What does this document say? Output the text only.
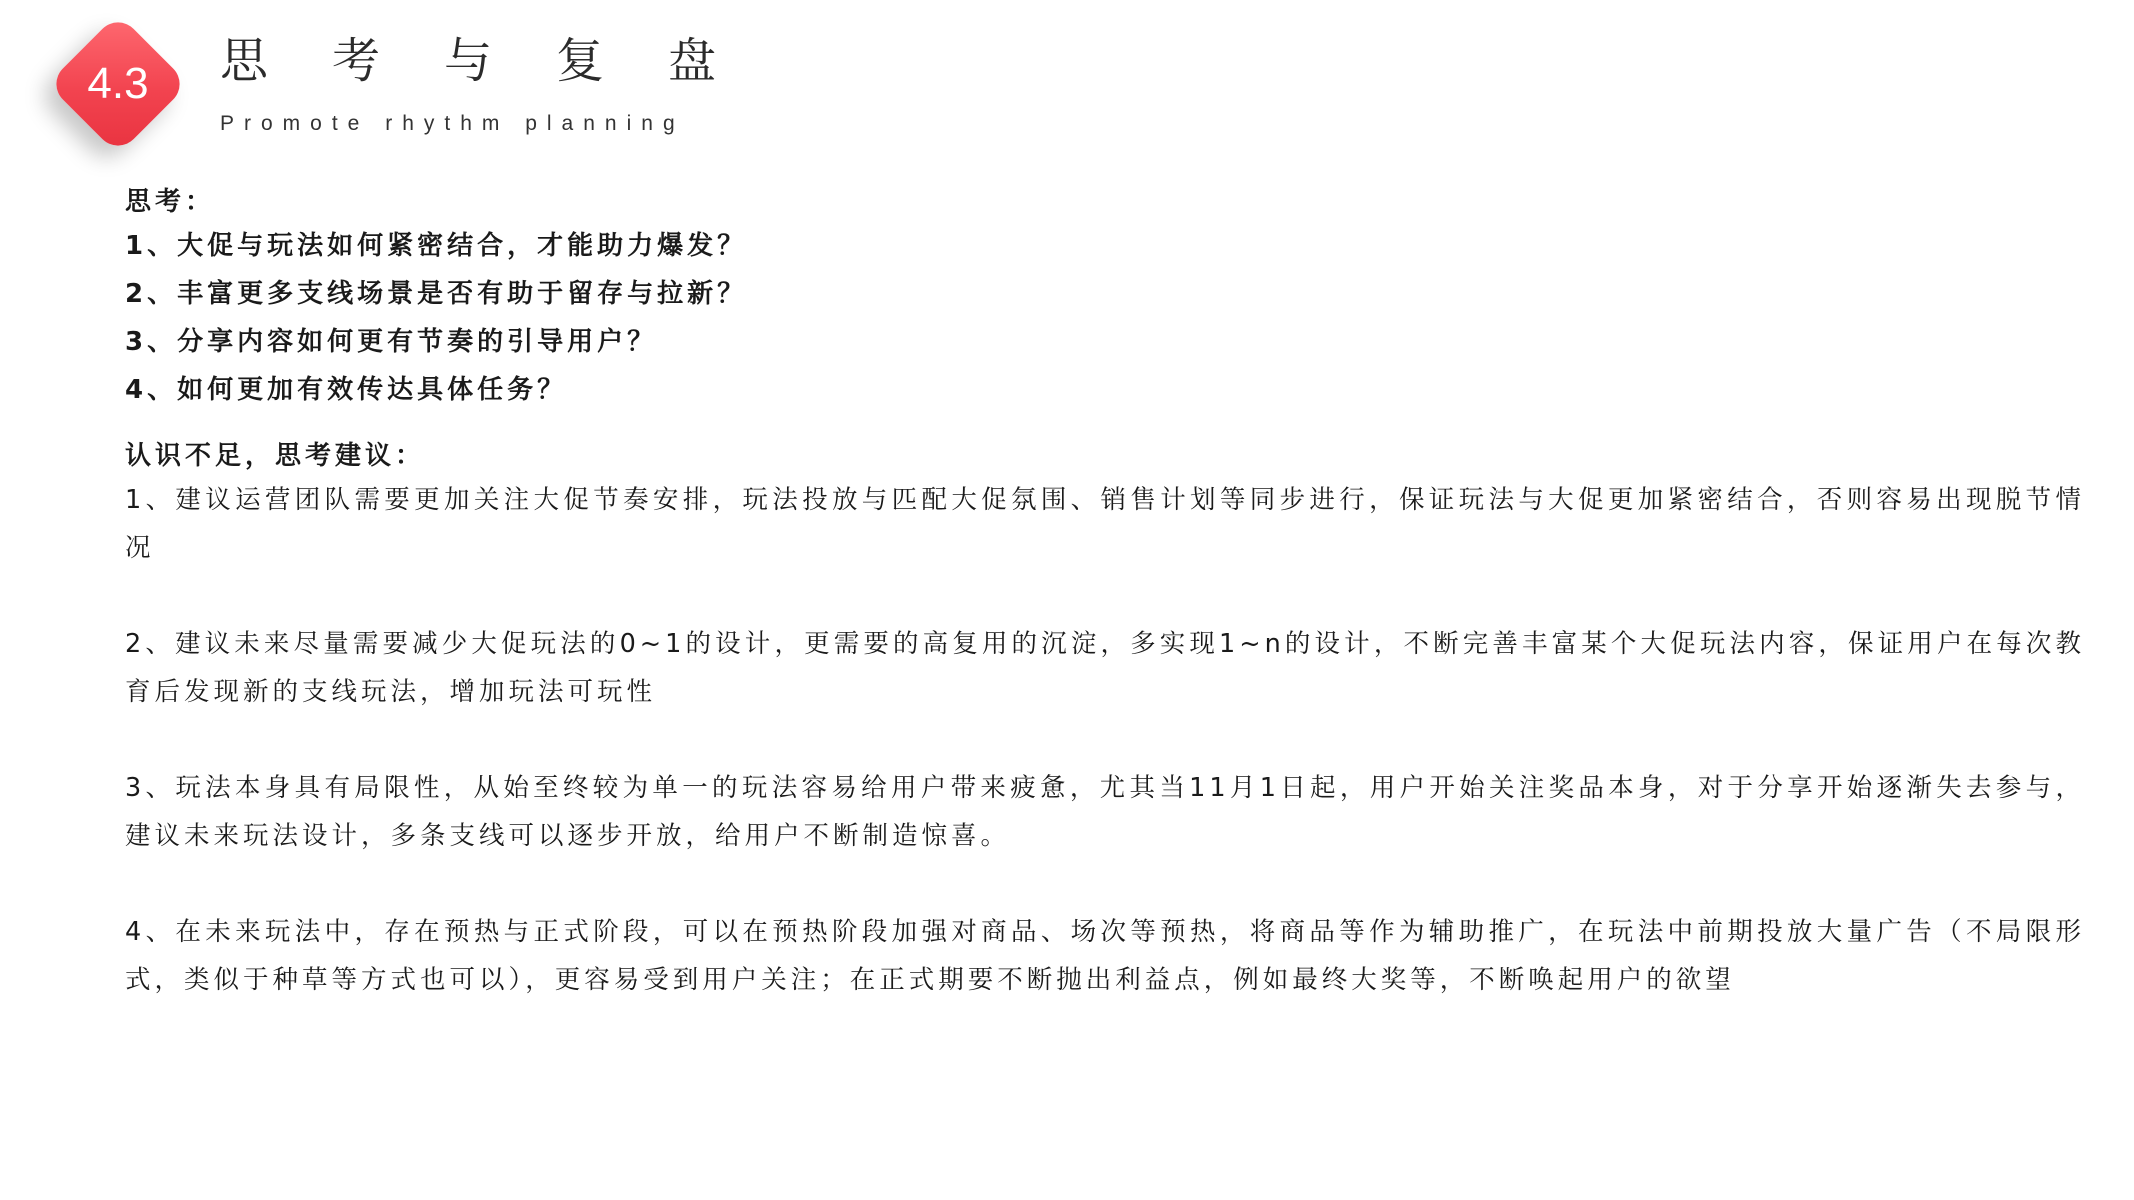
4.3	思考与复盘
Promote rhythm planning
思考：
1、大促与玩法如何紧密结合，才能助力爆发？
2、丰富更多支线场景是否有助于留存与拉新？
3、分享内容如何更有节奏的引导用户？
4、如何更加有效传达具体任务？
认识不足，思考建议：
1、建议运营团队需要更加关注大促节奏安排，玩法投放与匹配大促氛围、销售计划等同步进行，保证玩法与大促更加紧密结合，否则容易出现脱节情况
2、建议未来尽量需要减少大促玩法的0~1的设计，更需要的高复用的沉淀，多实现1~n的设计，不断完善丰富某个大促玩法内容，保证用户在每次教育后发现新的支线玩法，增加玩法可玩性
3、玩法本身具有局限性，从始至终较为单一的玩法容易给用户带来疲惫，尤其当11月1日起，用户开始关注奖品本身，对于分享开始逐渐失去参与，建议未来玩法设计，多条支线可以逐步开放，给用户不断制造惊喜。
4、在未来玩法中，存在预热与正式阶段，可以在预热阶段加强对商品、场次等预热，将商品等作为辅助推广，在玩法中前期投放大量广告（不局限形式，类似于种草等方式也可以），更容易受到用户关注；在正式期要不断抛出利益点，例如最终大奖等，不断唤起用户的欲望
